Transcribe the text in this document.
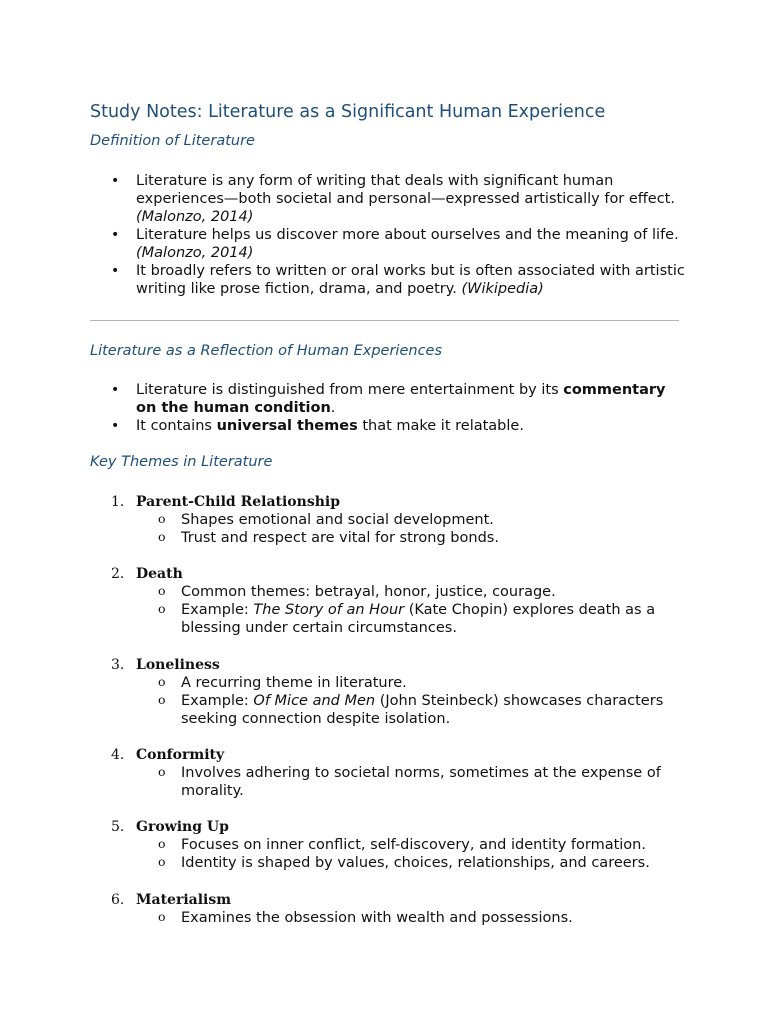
Study Notes: Literature as a Significant Human Experience
Definition of Literature
• Literature is any form of writing that deals with significant human experiences—both societal and personal—expressed artistically for effect. (Malonzo, 2014)
• Literature helps us discover more about ourselves and the meaning of life. (Malonzo, 2014)
• It broadly refers to written or oral works but is often associated with artistic writing like prose fiction, drama, and poetry. (Wikipedia)
Literature as a Reflection of Human Experiences
• Literature is distinguished from mere entertainment by its commentary on the human condition.
• It contains universal themes that make it relatable.
Key Themes in Literature
1. Parent-Child Relationship
o Shapes emotional and social development.
o Trust and respect are vital for strong bonds.
2. Death
o Common themes: betrayal, honor, justice, courage.
o Example: The Story of an Hour (Kate Chopin) explores death as a blessing under certain circumstances.
3. Loneliness
o A recurring theme in literature.
o Example: Of Mice and Men (John Steinbeck) showcases characters seeking connection despite isolation.
4. Conformity
o Involves adhering to societal norms, sometimes at the expense of morality.
5. Growing Up
o Focuses on inner conflict, self-discovery, and identity formation.
o Identity is shaped by values, choices, relationships, and careers.
6. Materialism
o Examines the obsession with wealth and possessions.
